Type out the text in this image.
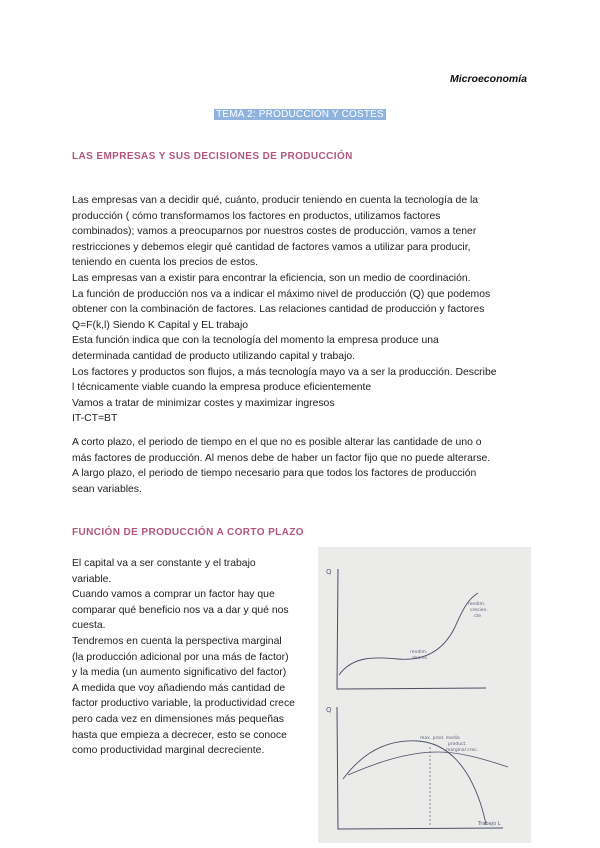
Microeconomía
TEMA 2: PRODUCCIÓN Y COSTES
LAS EMPRESAS Y SUS DECISIONES DE PRODUCCIÓN

Las empresas van a decidir qué, cuánto, producir teniendo en cuenta la tecnología de la
producción ( cómo transformamos los factores en productos, utilizamos factores
combinados); vamos a preocuparnos por nuestros costes de producción, vamos a tener
restricciones y debemos elegir qué cantidad de factores vamos a utilizar para producir,
teniendo en cuenta los precios de estos.
Las empresas van a existir para encontrar la eficiencia, son un medio de coordinación.
La función de producción nos va a indicar el máximo nivel de producción (Q) que podemos
obtener con la combinación de factores. Las relaciones cantidad de producción y factores
Q=F(k,l) Siendo K Capital y EL trabajo
Esta función indica que con la tecnología del momento la empresa produce una
determinada cantidad de producto utilizando capital y trabajo.
Los factores y productos son flujos, a más tecnología mayo va a ser la producción. Describe
l técnicamente viable cuando la empresa produce eficientemente
Vamos a tratar de minimizar costes y maximizar ingresos
IT-CT=BT

A corto plazo, el periodo de tiempo en el que no es posible alterar las cantidade de uno o
más factores de producción. Al menos debe de haber un factor fijo que no puede alterarse.
A largo plazo, el periodo de tiempo necesario para que todos los factores de producción
sean variables.

FUNCIÓN DE PRODUCCIÓN A CORTO PLAZO

El capital va a ser constante y el trabajo
variable.
Cuando vamos a comprar un factor hay que
comparar qué beneficio nos va a dar y qué nos
cuesta.
Tendremos en cuenta la perspectiva marginal
(la producción adicional por una más de factor)
y la media (un aumento significativo del factor)
A medida que voy añadiendo más cantidad de
factor productivo variable, la productividad crece
pero cada vez en dimensiones más pequeñas
hasta que empieza a decrecer, esto se conoce
como productividad marginal decreciente.

Q
rendim.
crecien.
cte
rendim.
decrec.
Q
max. prod. media
product.
marginal crec.
Trabajo L
